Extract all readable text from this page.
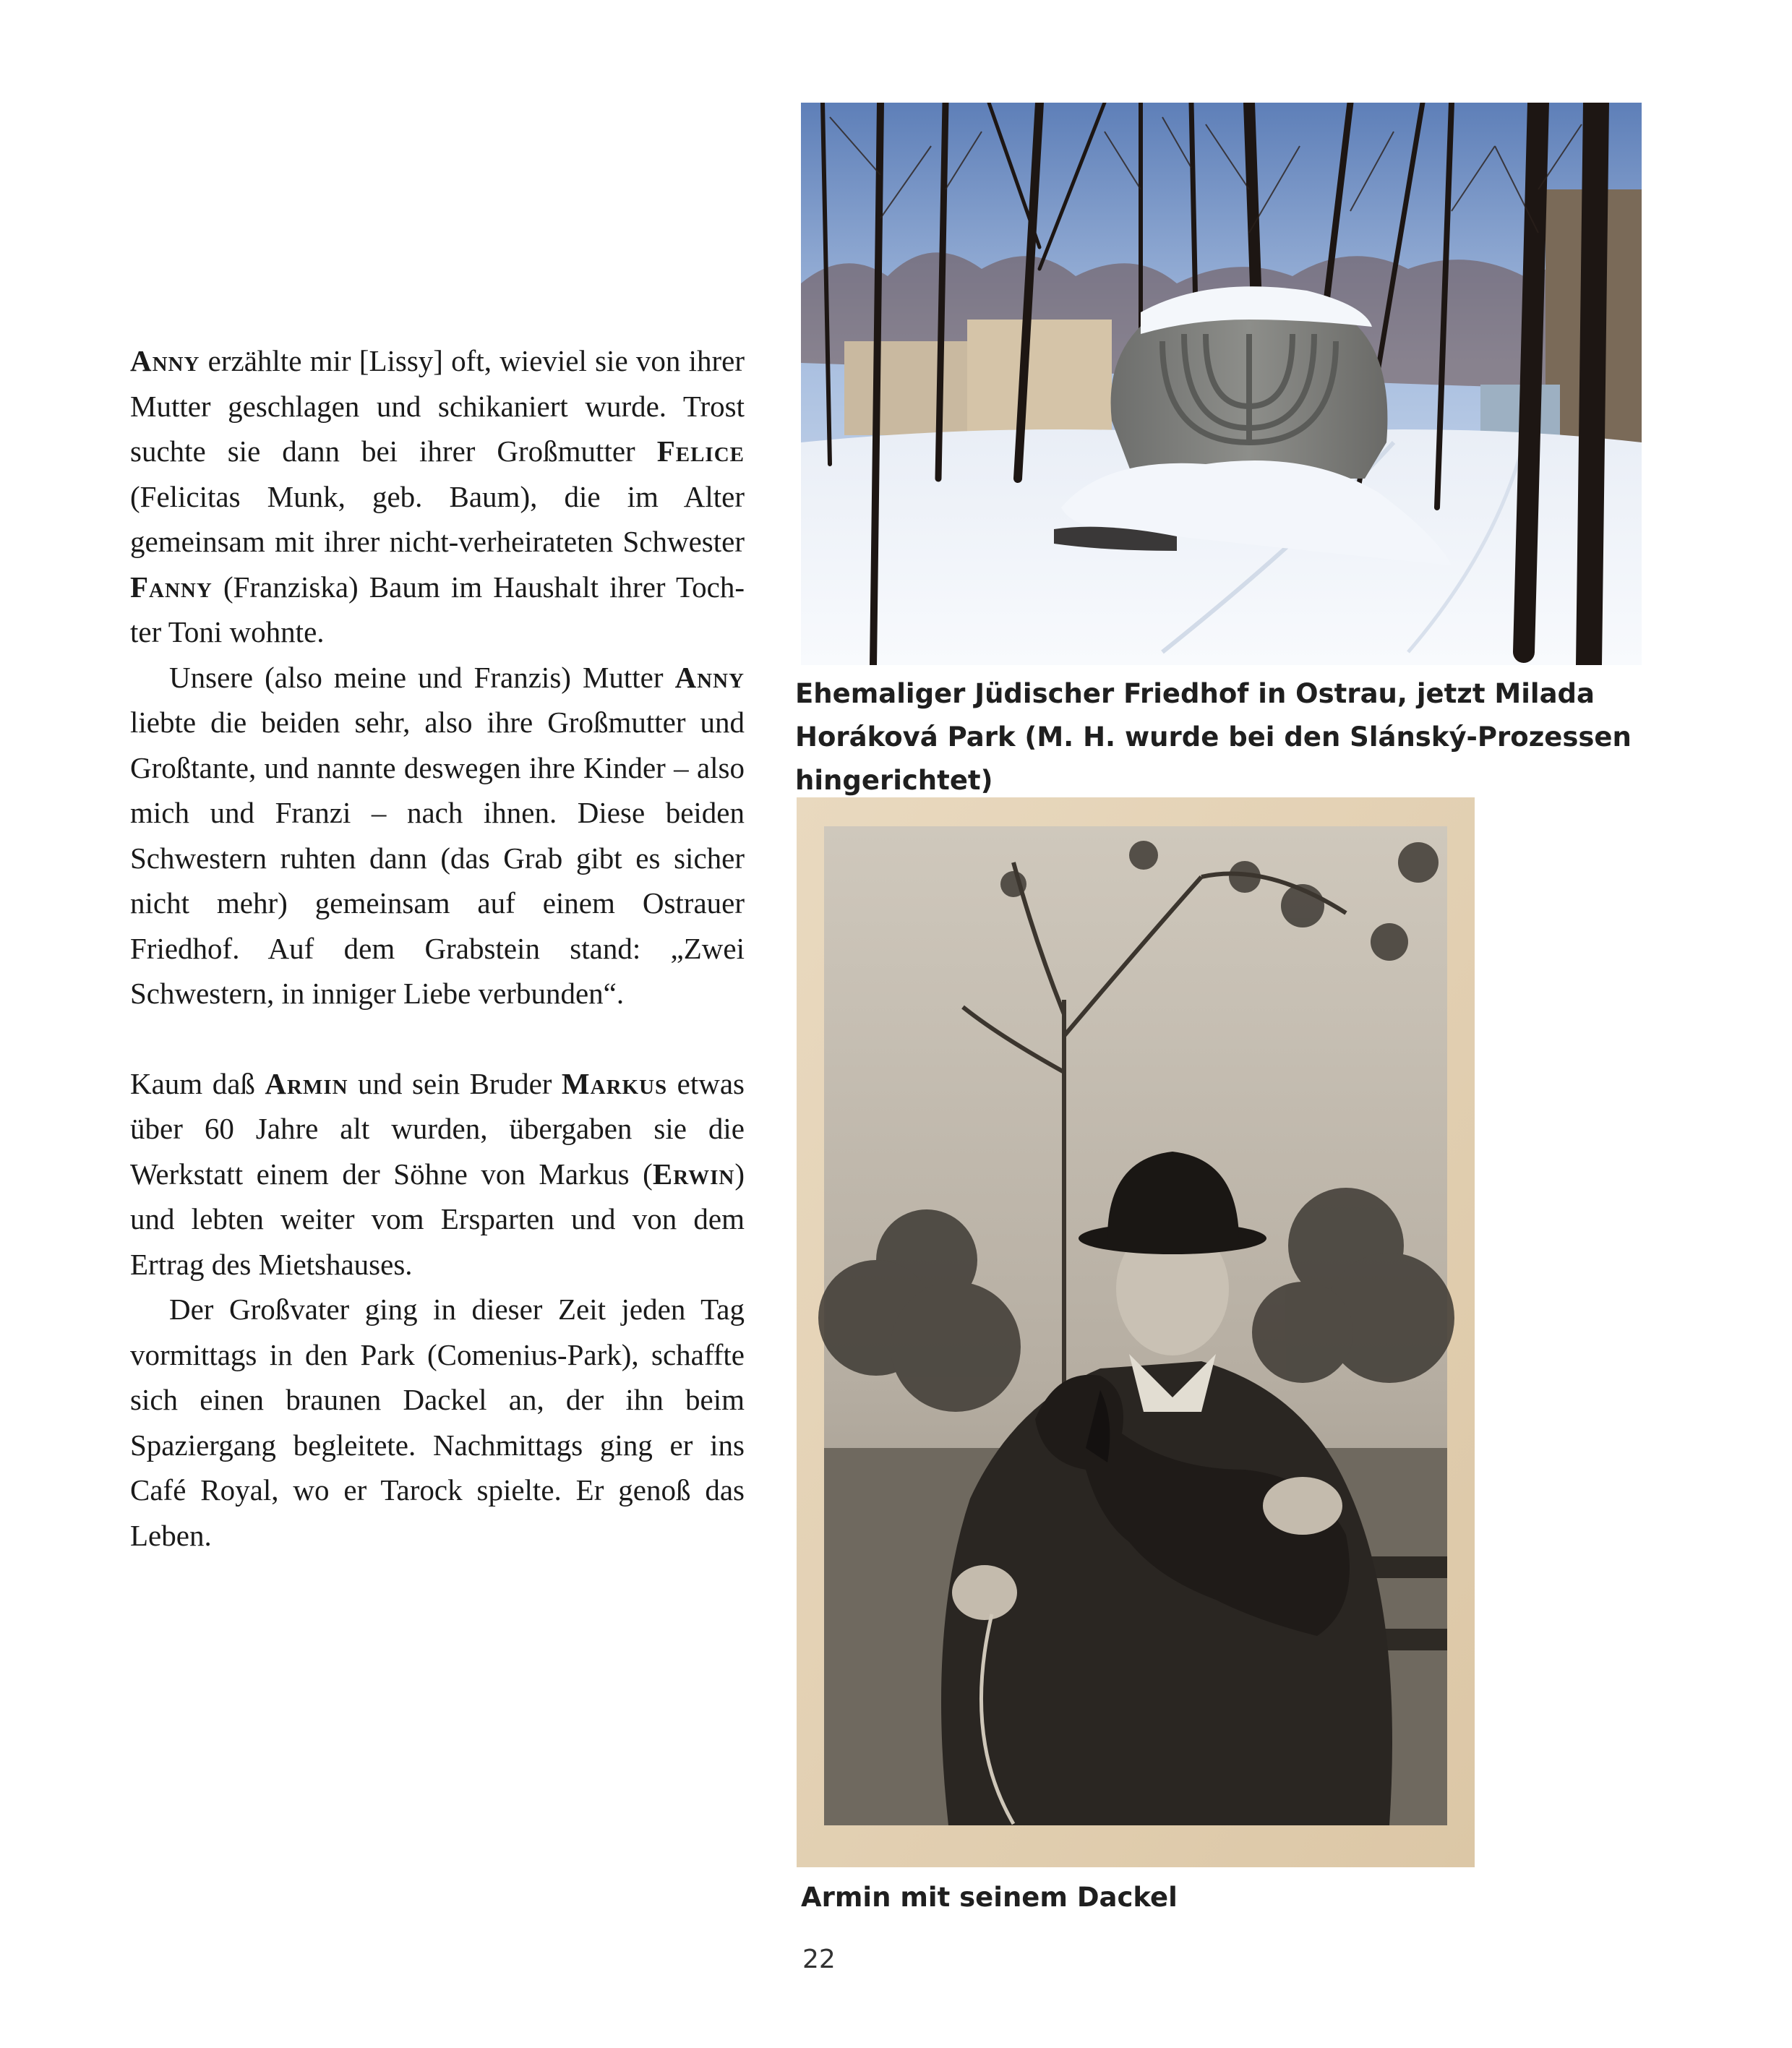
Anny erzählte mir [Lissy] oft, wieviel sie von ihrer Mutter geschlagen und schikaniert wurde. Trost suchte sie dann bei ihrer Großmutter Felice (Felicitas Munk, geb. Baum), die im Alter gemeinsam mit ihrer nicht-verheirateten Schwester Fanny (Franziska) Baum im Haushalt ihrer Tochter Toni wohnte.

Unsere (also meine und Franzis) Mutter Anny liebte die beiden sehr, also ihre Großmutter und Großtante, und nannte deswegen ihre Kinder – also mich und Franzi – nach ihnen. Diese beiden Schwestern ruhten dann (das Grab gibt es sicher nicht mehr) gemeinsam auf einem Ostrauer Friedhof. Auf dem Grabstein stand: „Zwei Schwestern, in inniger Liebe verbunden“.

Kaum daß Armin und sein Bruder Markus etwas über 60 Jahre alt wurden, übergaben sie die Werkstatt einem der Söhne von Markus (Erwin) und lebten weiter vom Ersparten und von dem Ertrag des Mietshauses.

Der Großvater ging in dieser Zeit jeden Tag vormittags in den Park (Comenius-Park), schaffte sich einen braunen Dackel an, der ihn beim Spaziergang begleitete. Nachmittags ging er ins Café Royal, wo er Tarock spielte. Er genoß das Leben.

Ehemaliger Jüdischer Friedhof in Ostrau, jetzt Milada Horáková Park (M. H. wurde bei den Slánský-Prozessen hingerichtet)
Armin mit seinem Dackel
22
